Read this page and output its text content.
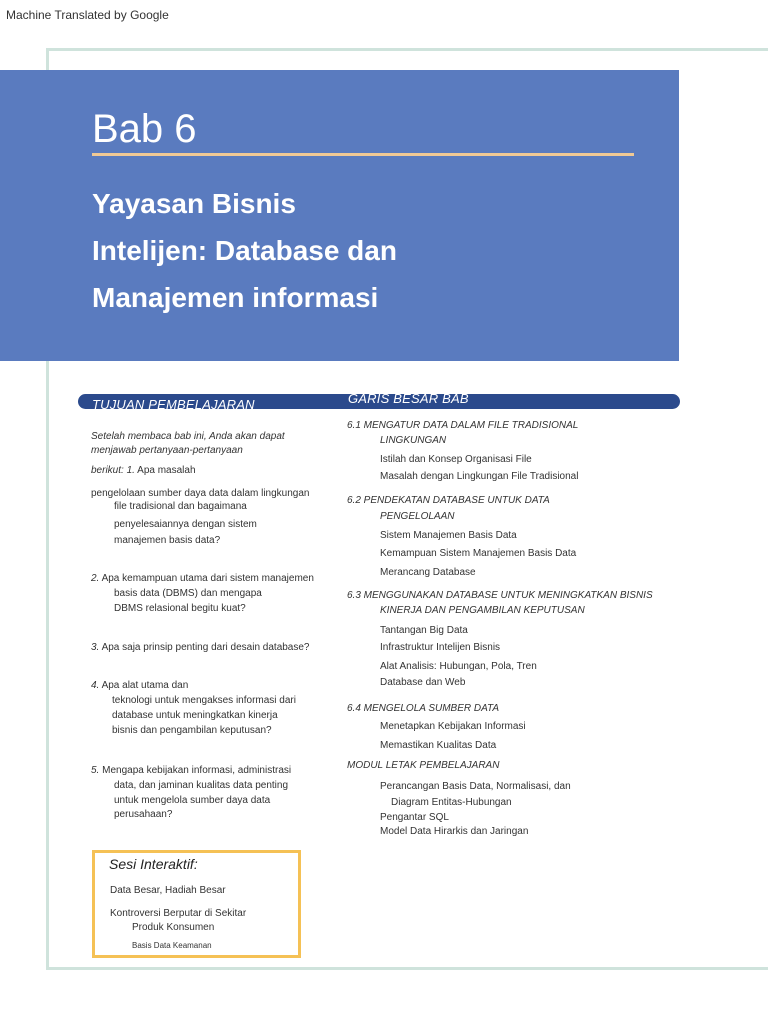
Machine Translated by Google
Bab 6
Yayasan Bisnis
Intelijen: Database dan
Manajemen informasi
TUJUAN PEMBELAJARAN	GARIS BESAR BAB
Setelah membaca bab ini, Anda akan dapat
menjawab pertanyaan-pertanyaan
berikut: 1. Apa masalah
pengelolaan sumber daya data dalam lingkungan
file tradisional dan bagaimana
penyelesaiannya dengan sistem
manajemen basis data?
2. Apa kemampuan utama dari sistem manajemen
basis data (DBMS) dan mengapa
DBMS relasional begitu kuat?
3. Apa saja prinsip penting dari desain database?
4. Apa alat utama dan
teknologi untuk mengakses informasi dari
database untuk meningkatkan kinerja
bisnis dan pengambilan keputusan?
5. Mengapa kebijakan informasi, administrasi
data, dan jaminan kualitas data penting
untuk mengelola sumber daya data
perusahaan?
6.1 MENGATUR DATA DALAM FILE TRADISIONAL
LINGKUNGAN
Istilah dan Konsep Organisasi File
Masalah dengan Lingkungan File Tradisional
6.2 PENDEKATAN DATABASE UNTUK DATA
PENGELOLAAN
Sistem Manajemen Basis Data
Kemampuan Sistem Manajemen Basis Data
Merancang Database
6.3 MENGGUNAKAN DATABASE UNTUK MENINGKATKAN BISNIS
KINERJA DAN PENGAMBILAN KEPUTUSAN
Tantangan Big Data
Infrastruktur Intelijen Bisnis
Alat Analisis: Hubungan, Pola, Tren
Database dan Web
6.4 MENGELOLA SUMBER DATA
Menetapkan Kebijakan Informasi
Memastikan Kualitas Data
MODUL LETAK PEMBELAJARAN
Perancangan Basis Data, Normalisasi, dan
Diagram Entitas-Hubungan
Pengantar SQL
Model Data Hirarkis dan Jaringan
Sesi Interaktif:
Data Besar, Hadiah Besar
Kontroversi Berputar di Sekitar
Produk Konsumen
Basis Data Keamanan
